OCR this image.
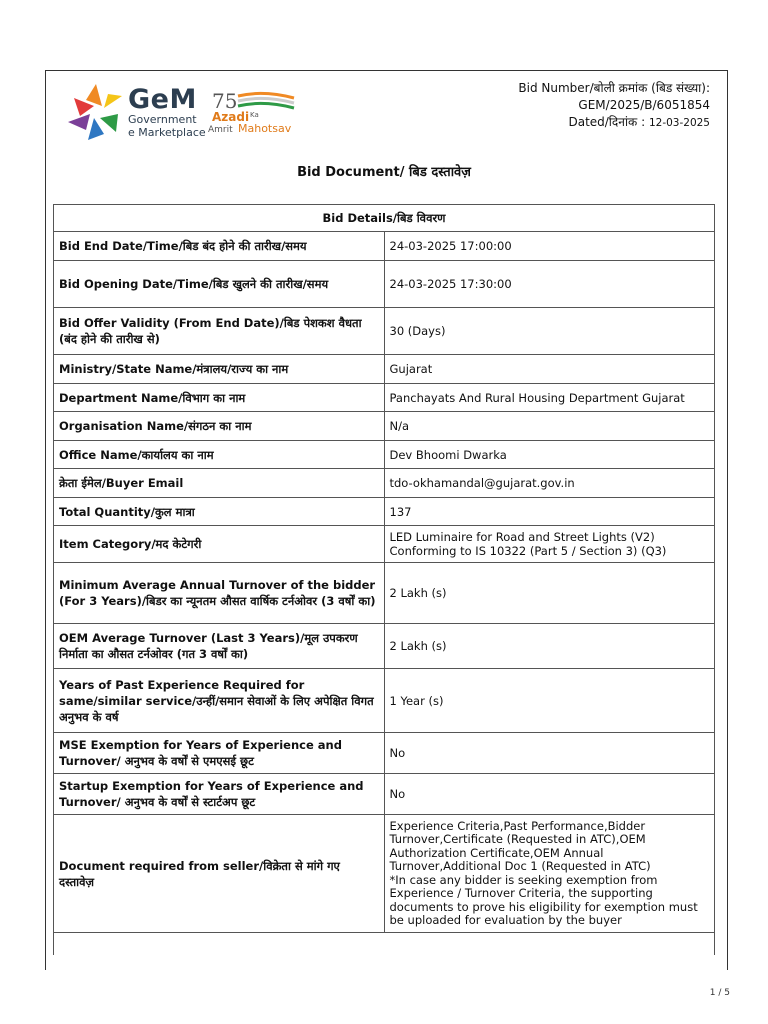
GeM
Government
e Marketplace
75
Azadi Ka
Amrit Mahotsav
Bid Number/बोली क्रमांक (बिड संख्या):
GEM/2025/B/6051854
Dated/दिनांक : 12-03-2025
Bid Document/ बिड दस्तावेज़
Bid Details/बिड विवरण	
Bid End Date/Time/बिड बंद होने की तारीख/समय	24-03-2025 17:00:00
Bid Opening Date/Time/बिड खुलने की तारीख/समय	24-03-2025 17:30:00
Bid Offer Validity (From End Date)/बिड पेशकश वैधता (बंद होने की तारीख से)	30 (Days)
Ministry/State Name/मंत्रालय/राज्य का नाम	Gujarat
Department Name/विभाग का नाम	Panchayats And Rural Housing Department Gujarat
Organisation Name/संगठन का नाम	N/a
Office Name/कार्यालय का नाम	Dev Bhoomi Dwarka
क्रेता ईमेल/Buyer Email	tdo-okhamandal@gujarat.gov.in
Total Quantity/कुल मात्रा	137
Item Category/मद केटेगरी	LED Luminaire for Road and Street Lights (V2) Conforming to IS 10322 (Part 5 / Section 3) (Q3)
Minimum Average Annual Turnover of the bidder (For 3 Years)/बिडर का न्यूनतम औसत वार्षिक टर्नओवर (3 वर्षों का)	2 Lakh (s)
OEM Average Turnover (Last 3 Years)/मूल उपकरण निर्माता का औसत टर्नओवर (गत 3 वर्षों का)	2 Lakh (s)
Years of Past Experience Required for same/similar service/उन्हीं/समान सेवाओं के लिए अपेक्षित विगत अनुभव के वर्ष	1 Year (s)
MSE Exemption for Years of Experience and Turnover/ अनुभव के वर्षों से एमएसई छूट	No
Startup Exemption for Years of Experience and Turnover/ अनुभव के वर्षों से स्टार्टअप छूट	No
Document required from seller/विक्रेता से मांगे गए दस्तावेज़	Experience Criteria,Past Performance,Bidder Turnover,Certificate (Requested in ATC),OEM Authorization Certificate,OEM Annual Turnover,Additional Doc 1 (Requested in ATC)
*In case any bidder is seeking exemption from Experience / Turnover Criteria, the supporting documents to prove his eligibility for exemption must be uploaded for evaluation by the buyer

1 / 5
